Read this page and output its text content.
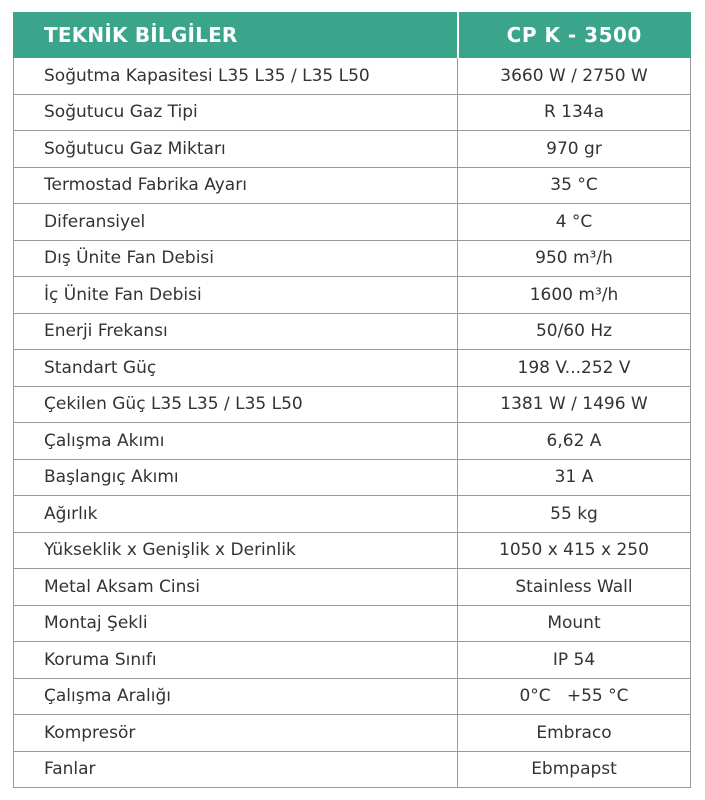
TEKNİK BİLGİLER	CP K - 3500
Soğutma Kapasitesi L35 L35 / L35 L50	3660 W / 2750 W
Soğutucu Gaz Tipi	R 134a
Soğutucu Gaz Miktarı	970 gr
Termostad Fabrika Ayarı	35 °C
Diferansiyel	4 °C
Dış Ünite Fan Debisi	950 m³/h
İç Ünite Fan Debisi	1600 m³/h
Enerji Frekansı	50/60 Hz
Standart Güç	198 V...252 V
Çekilen Güç L35 L35 / L35 L50	1381 W / 1496 W
Çalışma Akımı	6,62 A
Başlangıç Akımı	31 A
Ağırlık	55 kg
Yükseklik x Genişlik x Derinlik	1050 x 415 x 250
Metal Aksam Cinsi	Stainless Wall
Montaj Şekli	Mount
Koruma Sınıfı	IP 54
Çalışma Aralığı	0°C   +55 °C
Kompresör	Embraco
Fanlar	Ebmpapst
